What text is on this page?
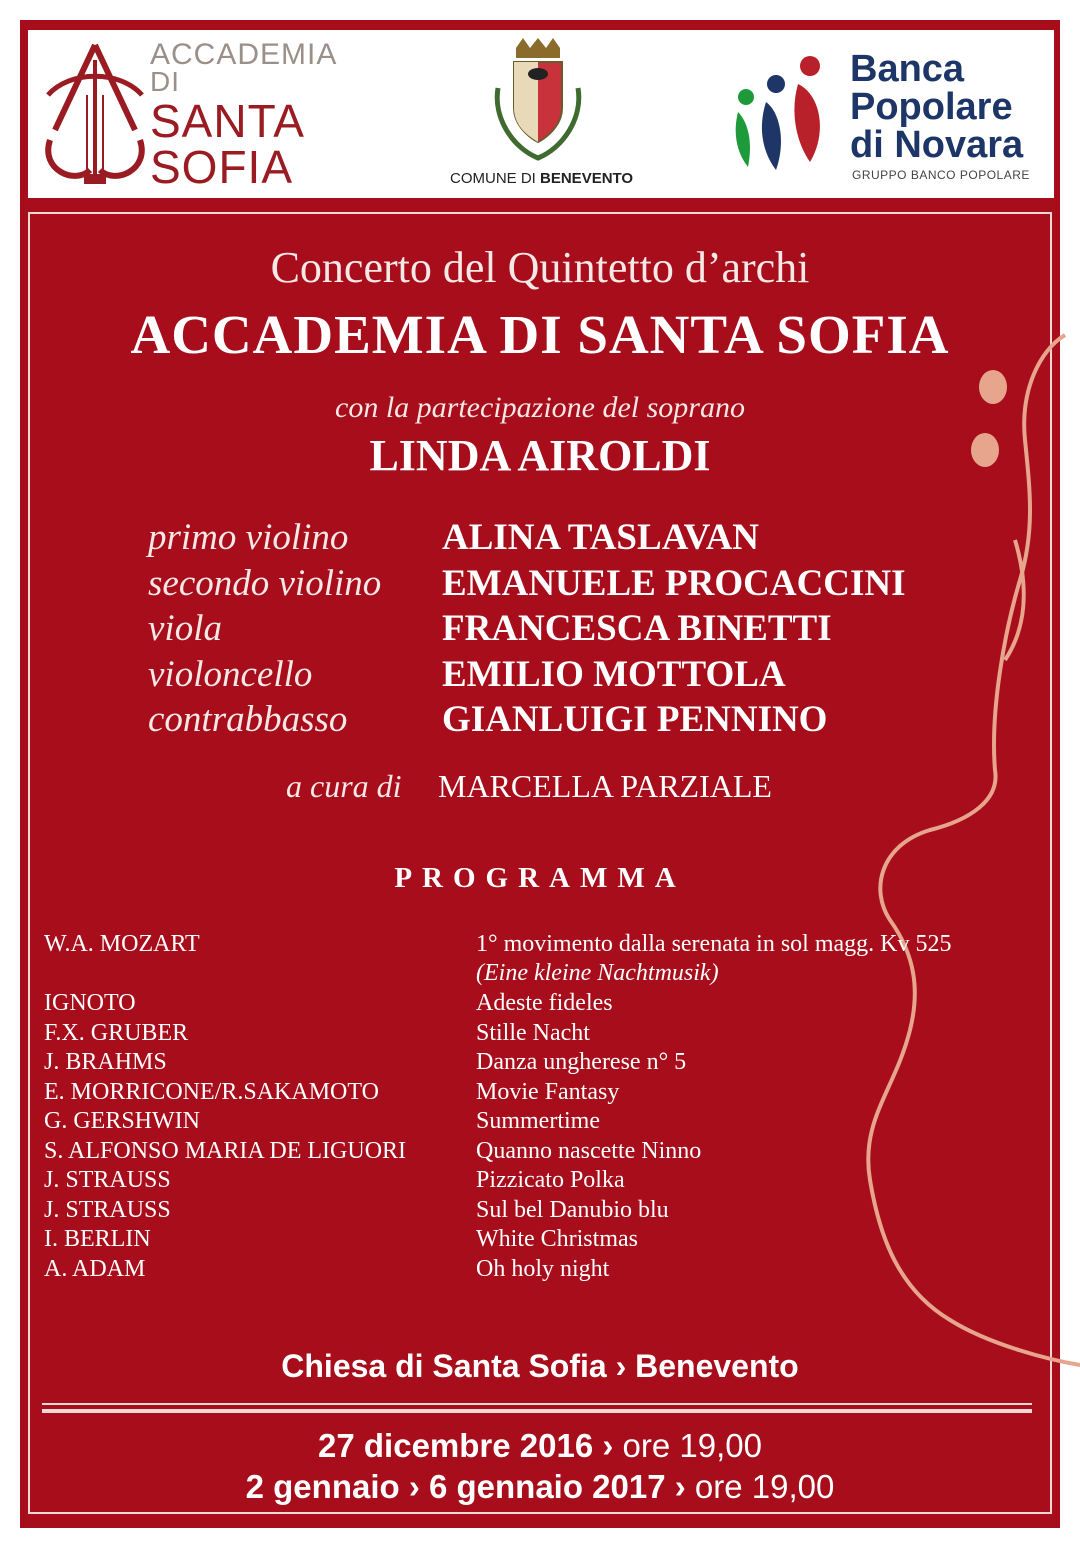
ACCADEMIA
DI
SANTA
SOFIA	COMUNE DI BENEVENTO
Banca
Popolare
di Novara
GRUPPO BANCO POPOLARE
Concerto del Quintetto d’archi
ACCADEMIA DI SANTA SOFIA
con la partecipazione del soprano
LINDA AIROLDI
primo violino	ALINA TASLAVAN
secondo violino EMANUELE PROCACCINI
viola	FRANCESCA BINETTI
violoncello	EMILIO MOTTOLA
contrabbasso	GIANLUIGI PENNINO
a cura di MARCELLA PARZIALE
PROGRAMMA
W.A. MOZART	1° movimento dalla serenata in sol magg. Kv 525
(Eine kleine Nachtmusik)
IGNOTO	Adeste fideles
F.X. GRUBER	Stille Nacht
J. BRAHMS	Danza ungherese n° 5
E. MORRICONE/R.SAKAMOTO	Movie Fantasy
G. GERSHWIN	Summertime
S. ALFONSO MARIA DE LIGUORI	Quanno nascette Ninno
J. STRAUSS	Pizzicato Polka
J. STRAUSS	Sul bel Danubio blu
I. BERLIN	White Christmas
A. ADAM	Oh holy night
Chiesa di Santa Sofia › Benevento
27 dicembre 2016 › ore 19,00
2 gennaio › 6 gennaio 2017 › ore 19,00
